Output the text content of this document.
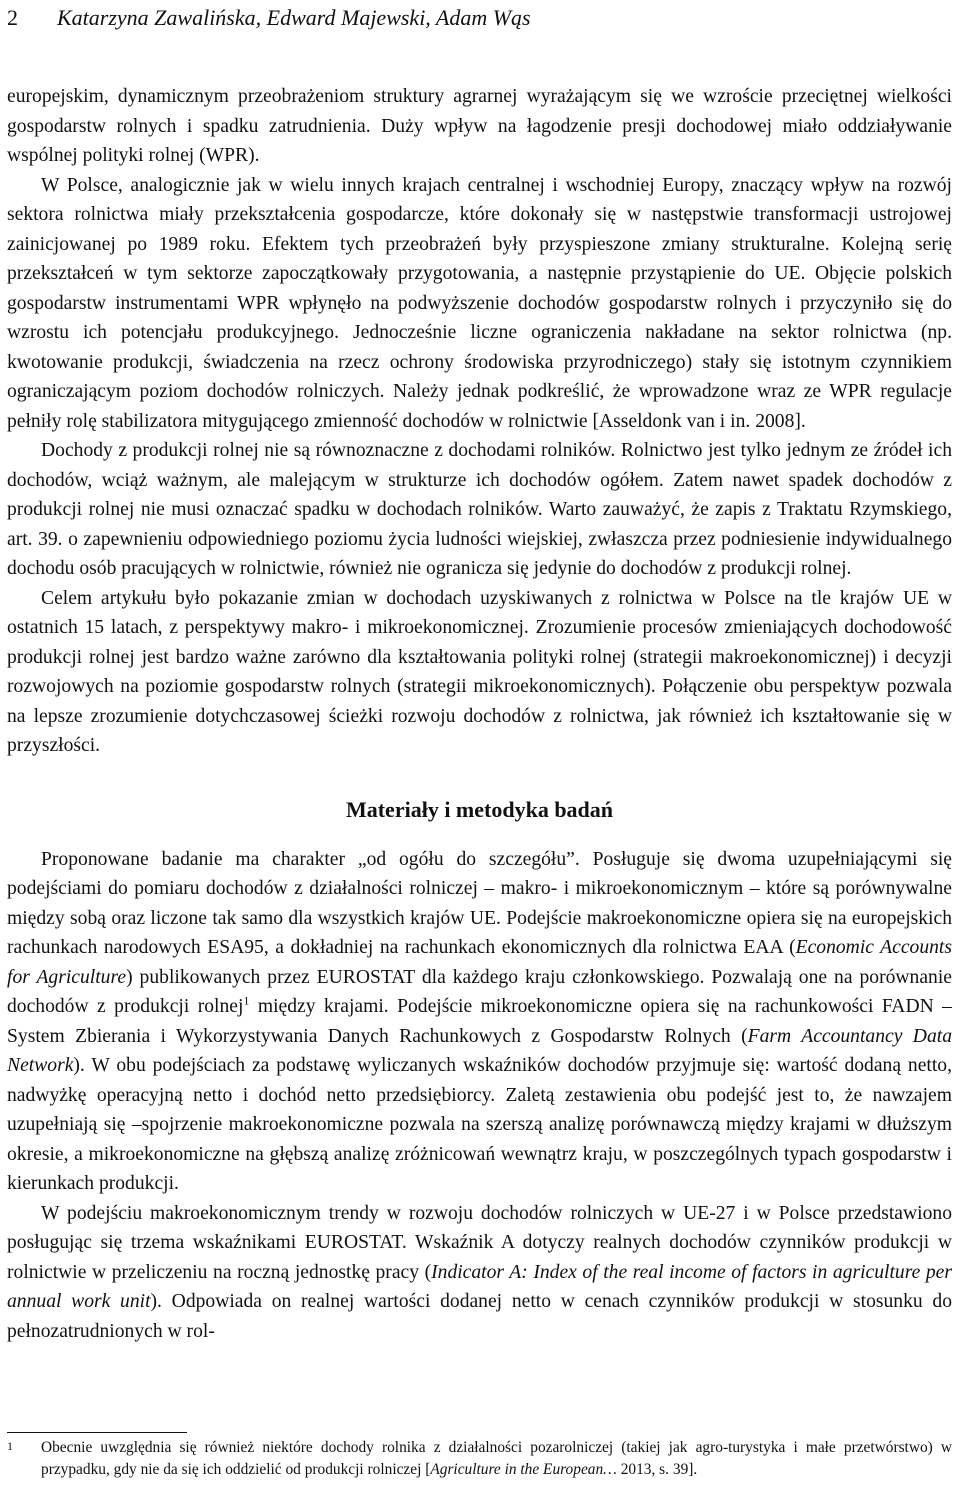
2 Katarzyna Zawalińska, Edward Majewski, Adam Wąs

europejskim, dynamicznym przeobrażeniom struktury agrarnej wyrażającym się we wzroście przeciętnej wielkości gospodarstw rolnych i spadku zatrudnienia. Duży wpływ na łagodzenie presji dochodowej miało oddziaływanie wspólnej polityki rolnej (WPR).

W Polsce, analogicznie jak w wielu innych krajach centralnej i wschodniej Europy, znaczący wpływ na rozwój sektora rolnictwa miały przekształcenia gospodarcze, które dokonały się w następstwie transformacji ustrojowej zainicjowanej po 1989 roku. Efektem tych przeobrażeń były przyspieszone zmiany strukturalne. Kolejną serię przekształceń w tym sektorze zapoczątkowały przygotowania, a następnie przystąpienie do UE. Objęcie polskich gospodarstw instrumentami WPR wpłynęło na podwyższenie dochodów gospodarstw rolnych i przyczyniło się do wzrostu ich potencjału produkcyjnego. Jednocześnie liczne ograniczenia nakładane na sektor rolnictwa (np. kwotowanie produkcji, świadczenia na rzecz ochrony środowiska przyrodniczego) stały się istotnym czynnikiem ograniczającym poziom dochodów rolniczych. Należy jednak podkreślić, że wprowadzone wraz ze WPR regulacje pełniły rolę stabilizatora mitygującego zmienność dochodów w rolnictwie [Asseldonk van i in. 2008].

Dochody z produkcji rolnej nie są równoznaczne z dochodami rolników. Rolnictwo jest tylko jednym ze źródeł ich dochodów, wciąż ważnym, ale malejącym w strukturze ich dochodów ogółem. Zatem nawet spadek dochodów z produkcji rolnej nie musi oznaczać spadku w dochodach rolników. Warto zauważyć, że zapis z Traktatu Rzymskiego, art. 39. o zapewnieniu odpowiedniego poziomu życia ludności wiejskiej, zwłaszcza przez podniesienie indywidualnego dochodu osób pracujących w rolnictwie, również nie ogranicza się jedynie do dochodów z produkcji rolnej.

Celem artykułu było pokazanie zmian w dochodach uzyskiwanych z rolnictwa w Polsce na tle krajów UE w ostatnich 15 latach, z perspektywy makro- i mikroekonomicznej. Zrozumienie procesów zmieniających dochodowość produkcji rolnej jest bardzo ważne zarówno dla kształtowania polityki rolnej (strategii makroekonomicznej) i decyzji rozwojowych na poziomie gospodarstw rolnych (strategii mikroekonomicznych). Połączenie obu perspektyw pozwala na lepsze zrozumienie dotychczasowej ścieżki rozwoju dochodów z rolnictwa, jak również ich kształtowanie się w przyszłości.

Materiały i metodyka badań

Proponowane badanie ma charakter „od ogółu do szczegółu”. Posługuje się dwoma uzupełniającymi się podejściami do pomiaru dochodów z działalności rolniczej – makro- i mikroekonomicznym – które są porównywalne między sobą oraz liczone tak samo dla wszystkich krajów UE. Podejście makroekonomiczne opiera się na europejskich rachunkach narodowych ESA95, a dokładniej na rachunkach ekonomicznych dla rolnictwa EAA (Economic Accounts for Agriculture) publikowanych przez EUROSTAT dla każdego kraju członkowskiego. Pozwalają one na porównanie dochodów z produkcji rolnej$^1$ między krajami. Podejście mikroekonomiczne opiera się na rachunkowości FADN – System Zbierania i Wykorzystywania Danych Rachunkowych z Gospodarstw Rolnych (Farm Accountancy Data Network). W obu podejściach za podstawę wyliczanych wskaźników dochodów przyjmuje się: wartość dodaną netto, nadwyżkę operacyjną netto i dochód netto przedsiębiorcy. Zaletą zestawienia obu podejść jest to, że nawzajem uzupełniają się –spojrzenie makroekonomiczne pozwala na szerszą analizę porównawczą między krajami w dłuższym okresie, a mikroekonomiczne na głębszą analizę zróżnicowań wewnątrz kraju, w poszczególnych typach gospodarstw i kierunkach produkcji.

W podejściu makroekonomicznym trendy w rozwoju dochodów rolniczych w UE-27 i w Polsce przedstawiono posługując się trzema wskaźnikami EUROSTAT. Wskaźnik A dotyczy realnych dochodów czynników produkcji w rolnictwie w przeliczeniu na roczną jednostkę pracy (Indicator A: Index of the real income of factors in agriculture per annual work unit). Odpowiada on realnej wartości dodanej netto w cenach czynników produkcji w stosunku do pełnozatrudnionych w rol-

1 Obecnie uwzględnia się również niektóre dochody rolnika z działalności pozarolniczej (takiej jak agro-turystyka i małe przetwórstwo) w przypadku, gdy nie da się ich oddzielić od produkcji rolniczej [Agriculture in the European… 2013, s. 39].
